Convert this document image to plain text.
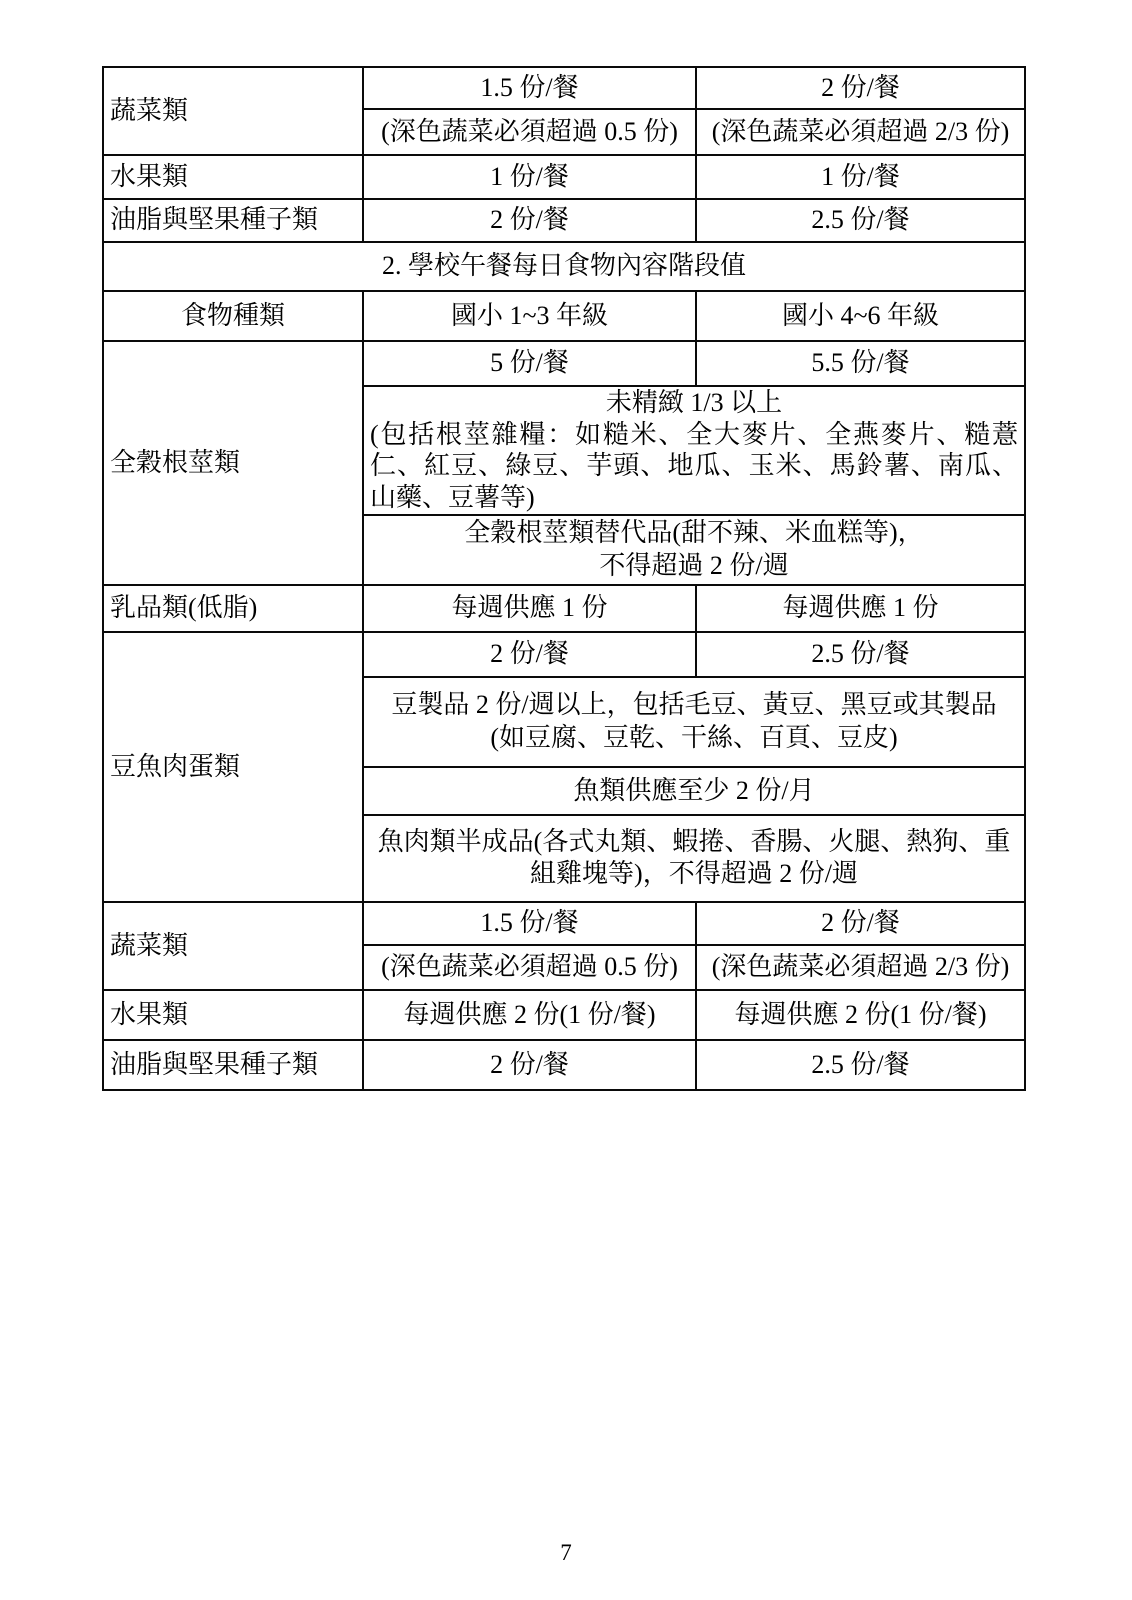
蔬菜類	1.5 份/餐	2 份/餐
	(深色蔬菜必須超過 0.5 份)	(深色蔬菜必須超過 2/3 份)
水果類	1 份/餐	1 份/餐
油脂與堅果種子類	2 份/餐	2.5 份/餐
2. 學校午餐每日食物內容階段值		
食物種類	國小 1~3 年級	國小 4~6 年級
全穀根莖類	5 份/餐	5.5 份/餐

	未精緻 1/3 以上
(包括根莖雜糧：如糙米、全大麥片、全燕麥片、糙薏仁、紅豆、綠豆、芋頭、地瓜、玉米、馬鈴薯、南瓜、山藥、豆薯等)	

	全穀根莖類替代品(甜不辣、米血糕等)，
不得超過 2 份/週	

乳品類(低脂)	每週供應 1 份	每週供應 1 份
豆魚肉蛋類	2 份/餐	2.5 份/餐

	豆製品 2 份/週以上，包括毛豆、黃豆、黑豆或其製品
(如豆腐、豆乾、干絲、百頁、豆皮)	

	魚類供應至少 2 份/月	
	魚肉類半成品(各式丸類、蝦捲、香腸、火腿、熱狗、重組雞塊等)，不得超過 2 份/週	
蔬菜類	1.5 份/餐	2 份/餐
	(深色蔬菜必須超過 0.5 份)	(深色蔬菜必須超過 2/3 份)
水果類	每週供應 2 份(1 份/餐)	每週供應 2 份(1 份/餐)
油脂與堅果種子類	2 份/餐	2.5 份/餐
7
